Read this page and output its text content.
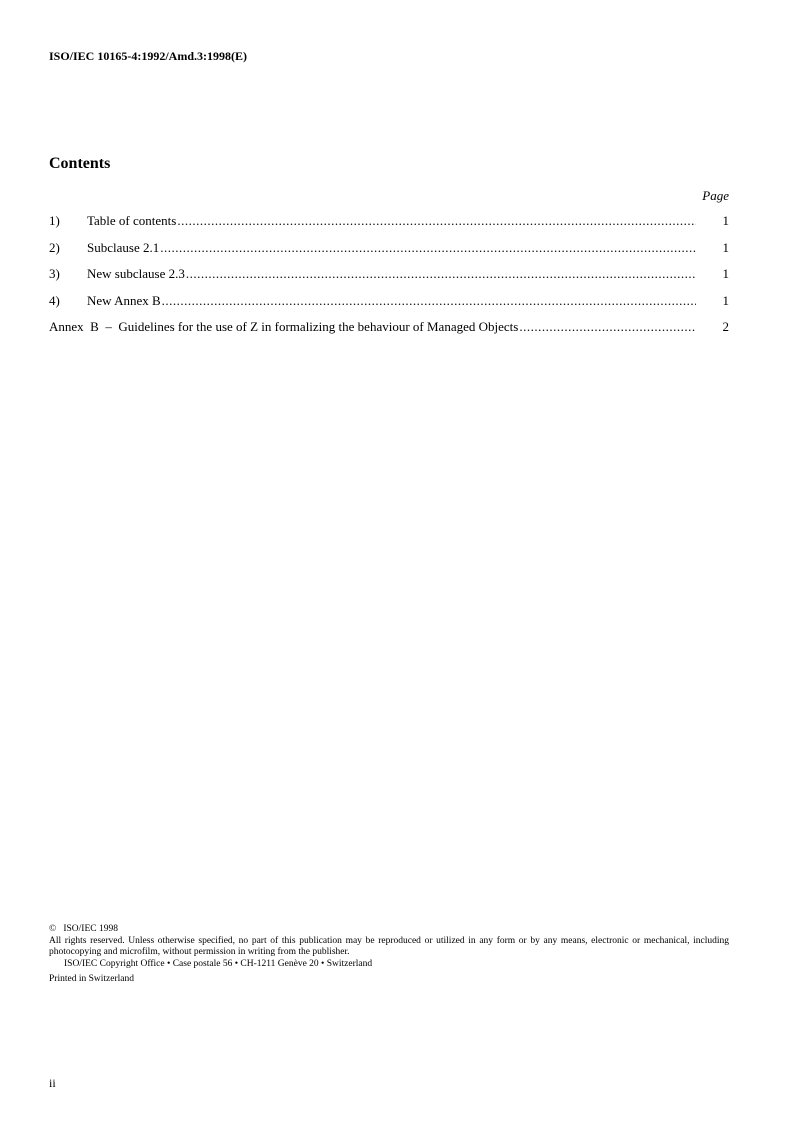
ISO/IEC 10165-4:1992/Amd.3:1998(E)
Contents
Page
1)	Table of contents .....	1
2)	Subclause 2.1 .....	1
3)	New subclause 2.3 .....	1
4)	New Annex B .....	1
Annex  B  –  Guidelines for the use of Z in formalizing the behaviour of Managed Objects .....	2
©   ISO/IEC 1998
All rights reserved. Unless otherwise specified, no part of this publication may be reproduced or utilized in any form or by any means, electronic or mechanical, including photocopying and microfilm, without permission in writing from the publisher.
ISO/IEC Copyright Office • Case postale 56 • CH-1211 Genève 20 • Switzerland
Printed in Switzerland
ii
